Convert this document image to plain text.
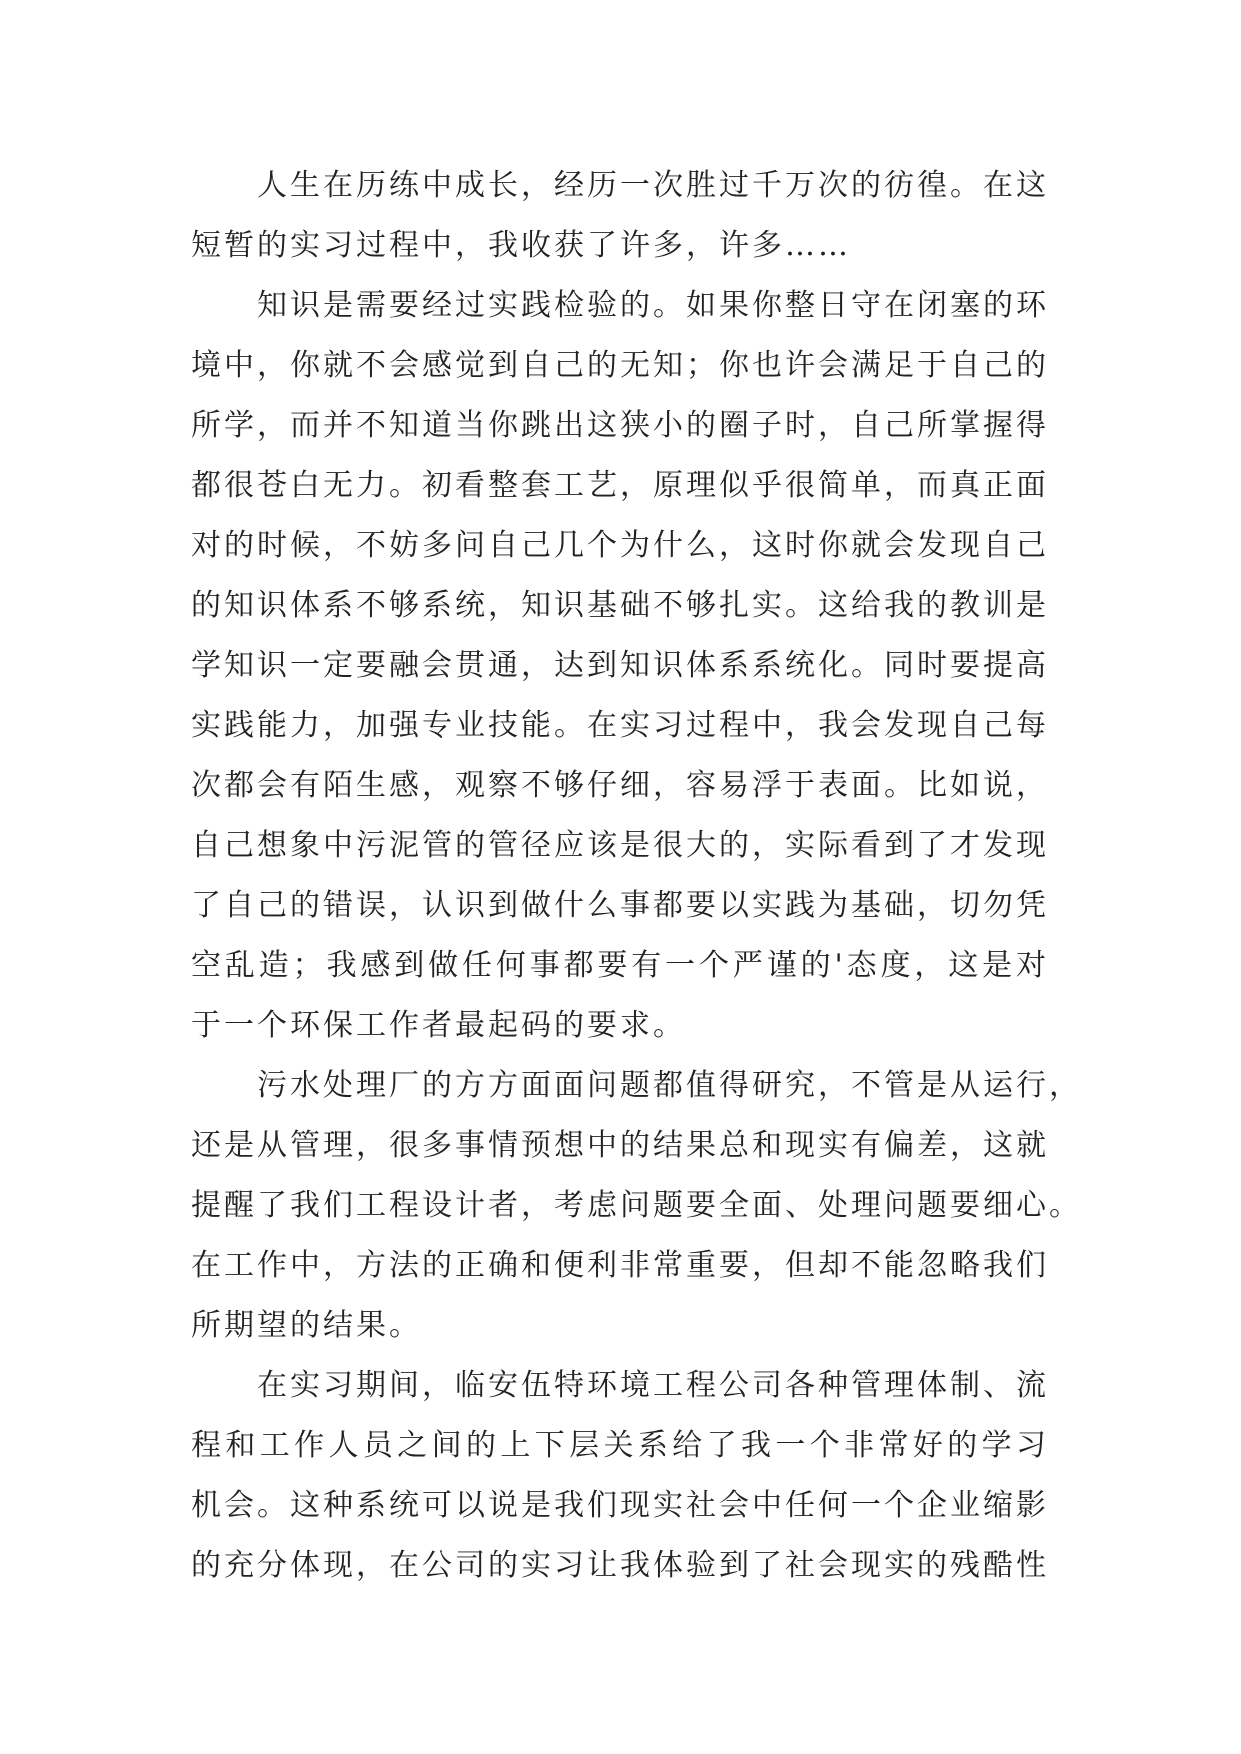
人生在历练中成长，经历一次胜过千万次的彷徨。在这
短暂的实习过程中，我收获了许多，许多……
知识是需要经过实践检验的。如果你整日守在闭塞的环
境中，你就不会感觉到自己的无知；你也许会满足于自己的
所学，而并不知道当你跳出这狭小的圈子时，自己所掌握得
都很苍白无力。初看整套工艺，原理似乎很简单，而真正面
对的时候，不妨多问自己几个为什么，这时你就会发现自己
的知识体系不够系统，知识基础不够扎实。这给我的教训是
学知识一定要融会贯通，达到知识体系系统化。同时要提高
实践能力，加强专业技能。在实习过程中，我会发现自己每
次都会有陌生感，观察不够仔细，容易浮于表面。比如说，
自己想象中污泥管的管径应该是很大的，实际看到了才发现
了自己的错误，认识到做什么事都要以实践为基础，切勿凭
空乱造；我感到做任何事都要有一个严谨的'态度，这是对
于一个环保工作者最起码的要求。
污水处理厂的方方面面问题都值得研究，不管是从运行，
还是从管理，很多事情预想中的结果总和现实有偏差，这就
提醒了我们工程设计者，考虑问题要全面、处理问题要细心。
在工作中，方法的正确和便利非常重要，但却不能忽略我们
所期望的结果。
在实习期间，临安伍特环境工程公司各种管理体制、流
程和工作人员之间的上下层关系给了我一个非常好的学习
机会。这种系统可以说是我们现实社会中任何一个企业缩影
的充分体现，在公司的实习让我体验到了社会现实的残酷性
